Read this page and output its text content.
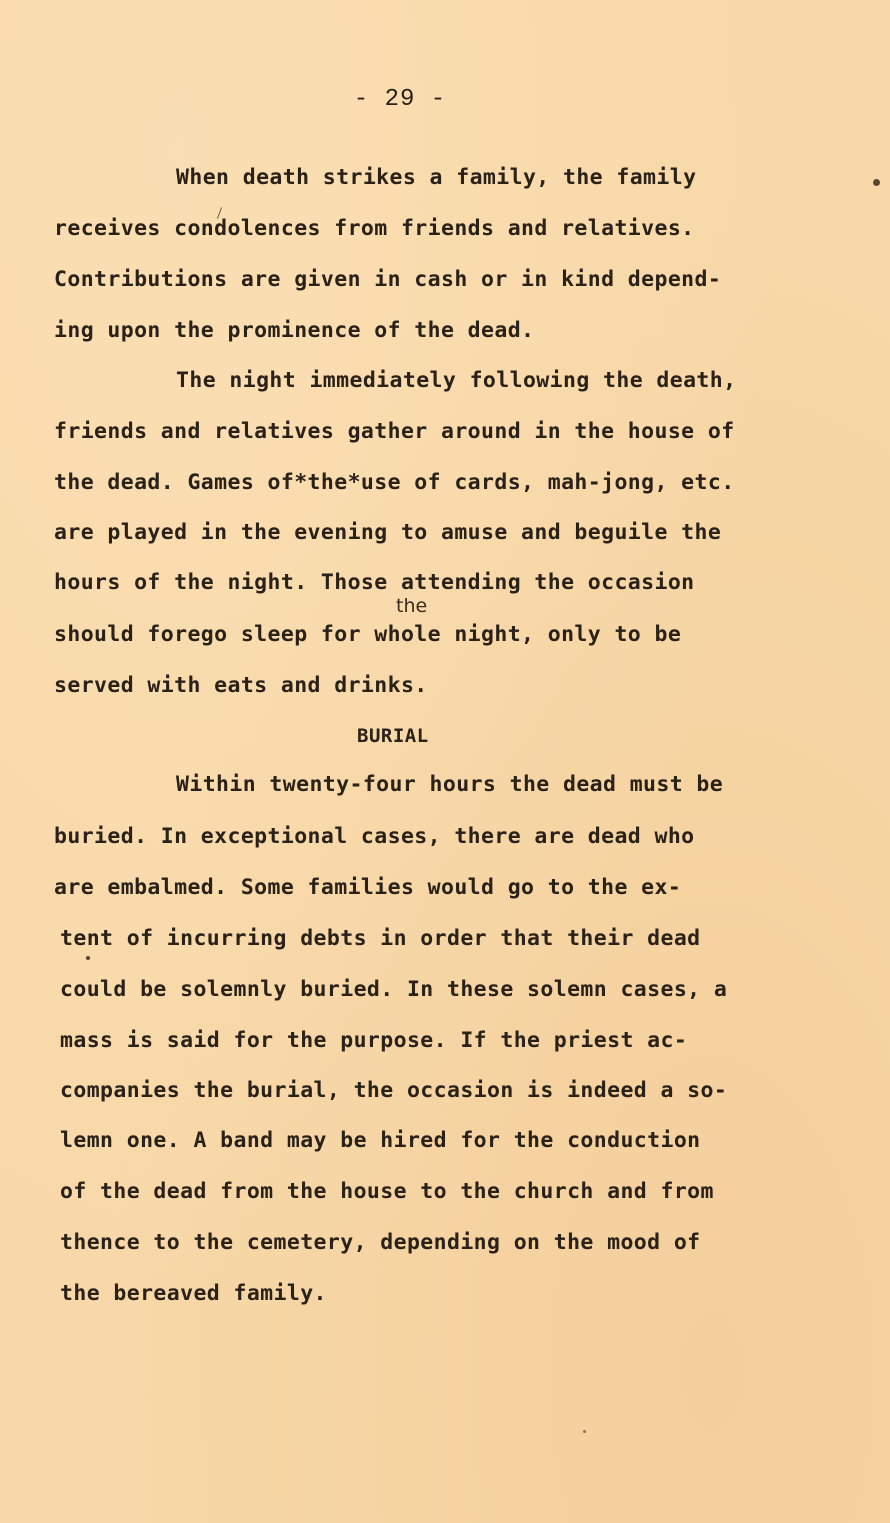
- 29 -
When death strikes a family, the family
receives condolences from friends and relatives.
Contributions are given in cash or in kind depend-
ing upon the prominence of the dead.
The night immediately following the death,
friends and relatives gather around in the house of
the dead. Games of*the*use of cards, mah-jong, etc.
are played in the evening to amuse and beguile the
hours of the night. Those attending the occasion
the
should forego sleep for whole night, only to be
served with eats and drinks.
BURIAL
Within twenty-four hours the dead must be
buried. In exceptional cases, there are dead who
are embalmed. Some families would go to the ex-
tent of incurring debts in order that their dead
could be solemnly buried. In these solemn cases, a
mass is said for the purpose. If the priest ac-
companies the burial, the occasion is indeed a so-
lemn one. A band may be hired for the conduction
of the dead from the house to the church and from
thence to the cemetery, depending on the mood of
the bereaved family.
